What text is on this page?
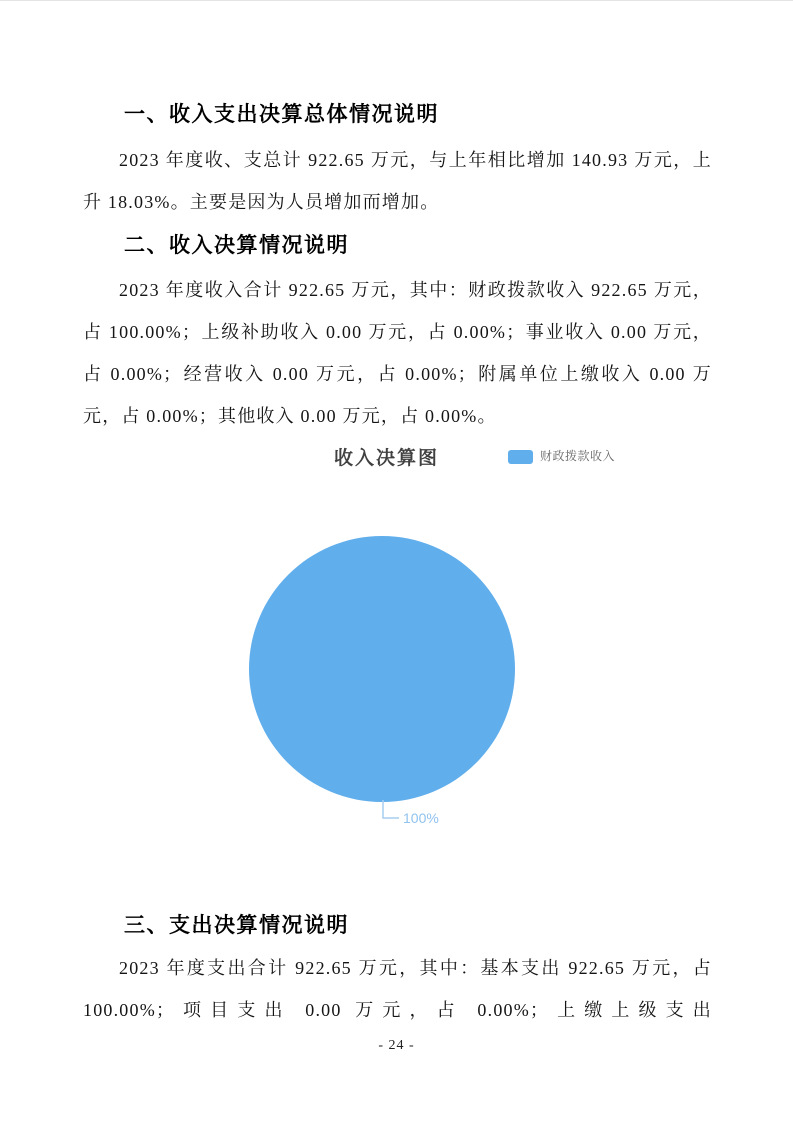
一、收入支出决算总体情况说明
2023 年度收、支总计 922.65 万元，与上年相比增加 140.93 万元，上升 18.03%。主要是因为人员增加而增加。
二、收入决算情况说明
2023 年度收入合计 922.65 万元，其中：财政拨款收入 922.65 万元，占 100.00%；上级补助收入 0.00 万元，占 0.00%；事业收入 0.00 万元，占 0.00%；经营收入 0.00 万元，占 0.00%；附属单位上缴收入 0.00 万元，占 0.00%；其他收入 0.00 万元，占 0.00%。
收入决算图	财政拨款收入
100%
三、支出决算情况说明
2023 年度支出合计 922.65 万元，其中：基本支出 922.65 万元，占 100.00%；项目支出 0.00 万元，占 0.00%；上缴上级支出
- 24 -
